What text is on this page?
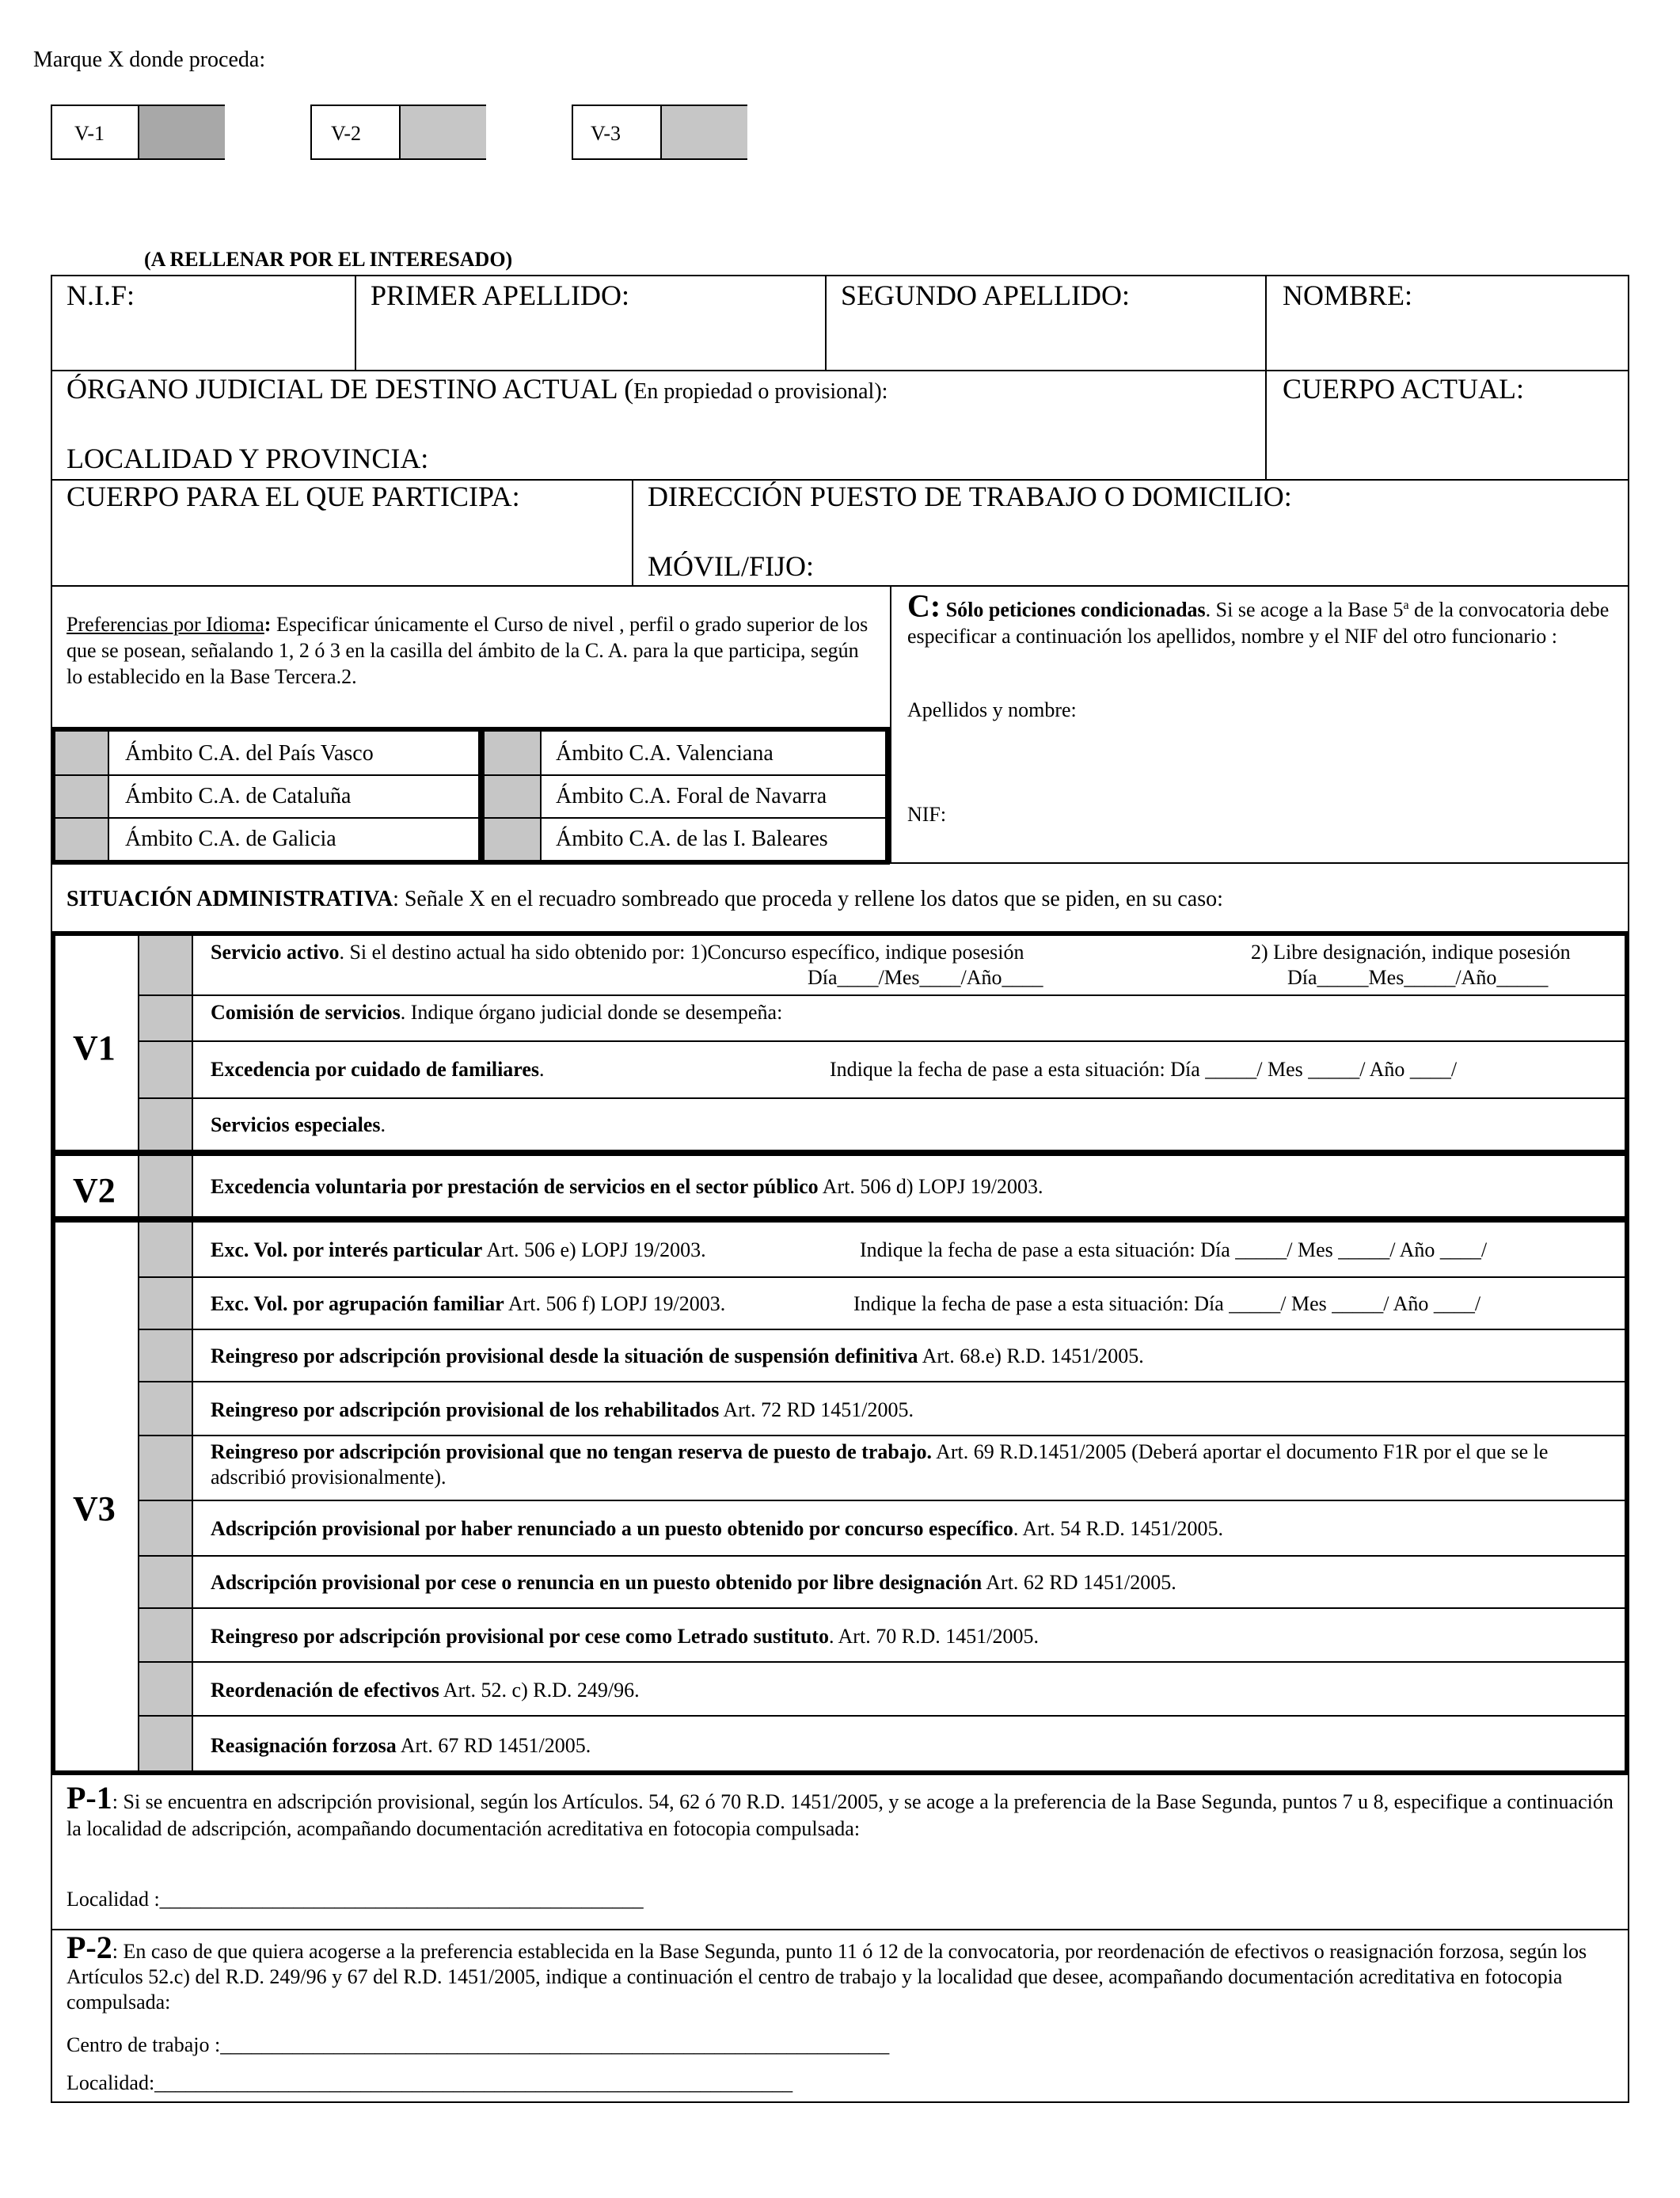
Marque X donde proceda:
V-1	V-2	V-3
(A RELLENAR POR EL INTERESADO)
N.I.F:	PRIMER APELLIDO:	SEGUNDO APELLIDO:	NOMBRE:
ÓRGANO JUDICIAL DE DESTINO ACTUAL (En propiedad o provisional):
LOCALIDAD Y PROVINCIA:
CUERPO ACTUAL:
CUERPO PARA EL QUE PARTICIPA:	DIRECCIÓN PUESTO DE TRABAJO O DOMICILIO:
MÓVIL/FIJO:
Preferencias por Idioma: Especificar únicamente el Curso de nivel , perfil o grado superior de los que se posean, señalando 1, 2 ó 3 en la casilla del ámbito de la C. A. para la que participa, según lo establecido en la Base Tercera.2.
Ámbito C.A. del País Vasco
Ámbito C.A. de Cataluña
Ámbito C.A. de Galicia
Ámbito C.A. Valenciana
Ámbito C.A. Foral de Navarra
Ámbito C.A. de las I. Baleares
C: Sólo peticiones condicionadas. Si se acoge a la Base 5$^a$ de la convocatoria debe especificar a continuación los apellidos, nombre y el NIF del otro funcionario :
Apellidos y nombre:
NIF:
SITUACIÓN ADMINISTRATIVA: Señale X en el recuadro sombreado que proceda y rellene los datos que se piden, en su caso:
V1
Servicio activo. Si el destino actual ha sido obtenido por: 1)Concurso específico, indique posesión	2) Libre designación, indique posesión
Día____/Mes____/Año____	Día_____Mes_____/Año_____
Comisión de servicios. Indique órgano judicial donde se desempeña:
Excedencia por cuidado de familiares.	Indique la fecha de pase a esta situación: Día _____/ Mes _____/ Año ____/
Servicios especiales.
V2	Excedencia voluntaria por prestación de servicios en el sector público Art. 506 d) LOPJ 19/2003.
V3
Exc. Vol. por interés particular Art. 506 e) LOPJ 19/2003.	Indique la fecha de pase a esta situación: Día _____/ Mes _____/ Año ____/
Exc. Vol. por agrupación familiar Art. 506 f) LOPJ 19/2003.	Indique la fecha de pase a esta situación: Día _____/ Mes _____/ Año ____/
Reingreso por adscripción provisional desde la situación de suspensión definitiva Art. 68.e) R.D. 1451/2005.
Reingreso por adscripción provisional de los rehabilitados Art. 72 RD 1451/2005.
Reingreso por adscripción provisional que no tengan reserva de puesto de trabajo. Art. 69 R.D.1451/2005 (Deberá aportar el documento F1R por el que se le adscribió provisionalmente).
Adscripción provisional por haber renunciado a un puesto obtenido por concurso específico. Art. 54 R.D. 1451/2005.
Adscripción provisional por cese o renuncia en un puesto obtenido por libre designación Art. 62 RD 1451/2005.
Reingreso por adscripción provisional por cese como Letrado sustituto. Art. 70 R.D. 1451/2005.
Reordenación de efectivos Art. 52. c) R.D. 249/96.
Reasignación forzosa Art. 67 RD 1451/2005.
P-1: Si se encuentra en adscripción provisional, según los Artículos. 54, 62 ó 70 R.D. 1451/2005, y se acoge a la preferencia de la Base Segunda, puntos 7 u 8, especifique a continuación la localidad de adscripción, acompañando documentación acreditativa en fotocopia compulsada:
Localidad :_______________________________________________
P-2: En caso de que quiera acogerse a la preferencia establecida en la Base Segunda, punto 11 ó 12 de la convocatoria, por reordenación de efectivos o reasignación forzosa, según los Artículos 52.c) del R.D. 249/96 y 67 del R.D. 1451/2005, indique a continuación el centro de trabajo y la localidad que desee, acompañando documentación acreditativa en fotocopia compulsada:
Centro de trabajo :_________________________________________________________________
Localidad:______________________________________________________________
